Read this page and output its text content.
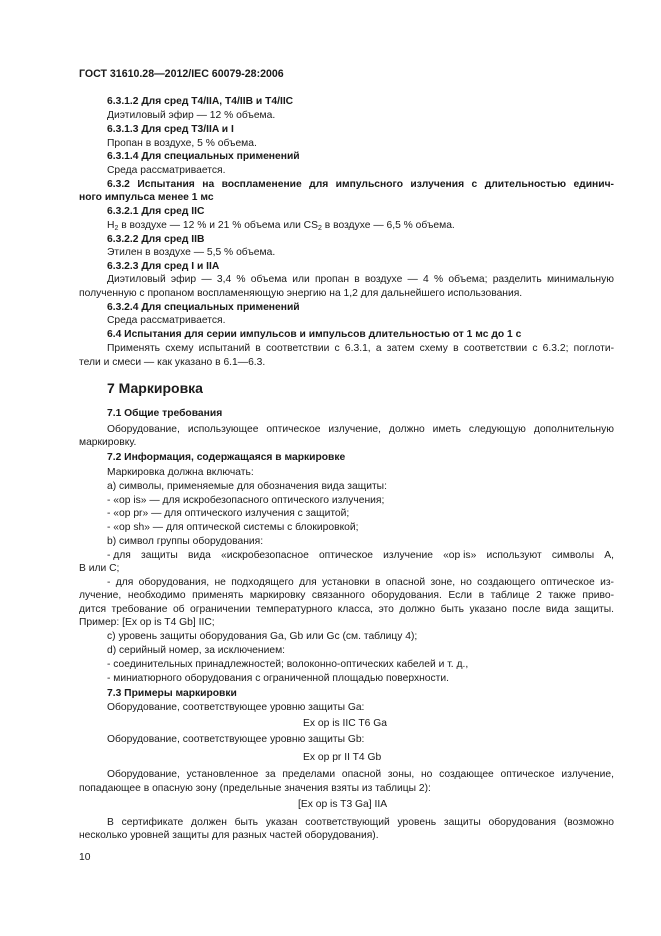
ГОСТ 31610.28—2012/IEC 60079-28:2006
6.3.1.2 Для сред T4/IIA, T4/IIB и T4/IIC
Диэтиловый эфир — 12 % объема.
6.3.1.3 Для сред T3/IIA и I
Пропан в воздухе, 5 % объема.
6.3.1.4 Для специальных применений
Среда рассматривается.
6.3.2 Испытания на воспламенение для импульсного излучения с длительностью единич-
ного импульса менее 1 мс
6.3.2.1 Для сред IIC
$H_2$ в воздухе — 12 % и 21 % объема или $CS_2$ в воздухе — 6,5 % объема.
6.3.2.2 Для сред IIB
Этилен в воздухе — 5,5 % объема.
6.3.2.3 Для сред I и IIA
Диэтиловый эфир — 3,4 % объема или пропан в воздухе — 4 % объема; разделить минимальную
полученную с пропаном воспламеняющую энергию на 1,2 для дальнейшего использования.
6.3.2.4 Для специальных применений
Среда рассматривается.
6.4 Испытания для серии импульсов и импульсов длительностью от 1 мс до 1 с
Применять схему испытаний в соответствии с 6.3.1, а затем схему в соответствии с 6.3.2; поглоти-
тели и смеси — как указано в 6.1—6.3.
7 Маркировка
7.1 Общие требования
Оборудование, использующее оптическое излучение, должно иметь следующую дополнительную
маркировку.
7.2 Информация, содержащаяся в маркировке
Маркировка должна включать:
a) символы, применяемые для обозначения вида защиты:
- «op is» — для искробезопасного оптического излучения;
- «op pr» — для оптического излучения с защитой;
- «op sh» — для оптической системы с блокировкой;
b) символ группы оборудования:
- для защиты вида «искробезопасное оптическое излучение «op is» используют символы A,
B или C;
- для оборудования, не подходящего для установки в опасной зоне, но создающего оптическое из-
лучение, необходимо применять маркировку связанного оборудования. Если в таблице 2 также приво-
дится требование об ограничении температурного класса, это должно быть указано после вида защиты.
Пример: [Ex op is T4 Gb] IIC;
c) уровень защиты оборудования Ga, Gb или Gc (см. таблицу 4);
d) серийный номер, за исключением:
- соединительных принадлежностей; волоконно-оптических кабелей и т. д.,
- миниатюрного оборудования с ограниченной площадью поверхности.
7.3 Примеры маркировки
Оборудование, соответствующее уровню защиты Ga:
Ex op is IIC T6 Ga
Оборудование, соответствующее уровню защиты Gb:
Ex op pr II T4 Gb
Оборудование, установленное за пределами опасной зоны, но создающее оптическое излучение,
попадающее в опасную зону (предельные значения взяты из таблицы 2):
[Ex op is T3 Ga] IIA
В сертификате должен быть указан соответствующий уровень защиты оборудования (возможно
несколько уровней защиты для разных частей оборудования).
10
